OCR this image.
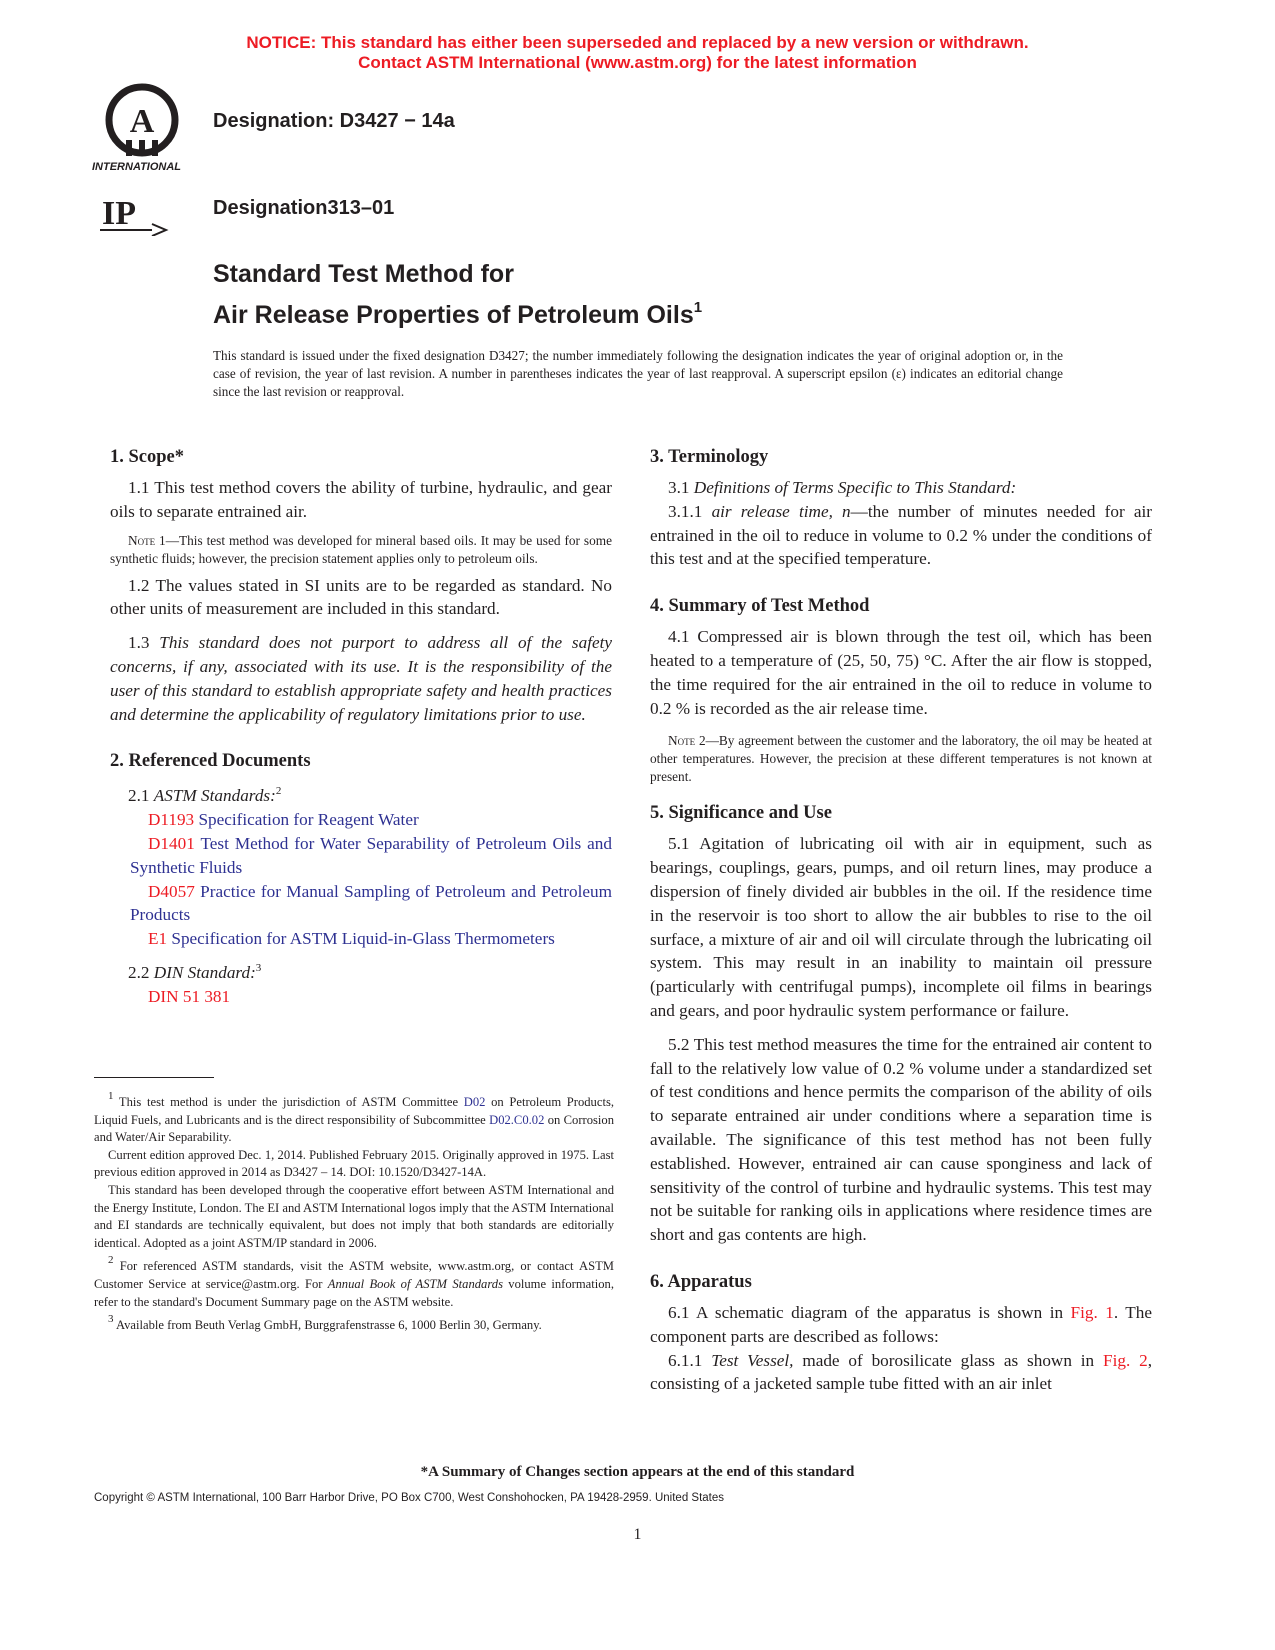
NOTICE: This standard has either been superseded and replaced by a new version or withdrawn.
Contact ASTM International (www.astm.org) for the latest information
A
INTERNATIONAL
IP
Designation: D3427 − 14a
Designation313–01
Standard Test Method for
Air Release Properties of Petroleum Oils$^1$
This standard is issued under the fixed designation D3427; the number immediately following the designation indicates the year of original adoption or, in the case of revision, the year of last revision. A number in parentheses indicates the year of last reapproval. A superscript epsilon (ε) indicates an editorial change since the last revision or reapproval.
1. Scope*

1.1 This test method covers the ability of turbine, hydraulic, and gear oils to separate entrained air.

Note 1—This test method was developed for mineral based oils. It may be used for some synthetic fluids; however, the precision statement applies only to petroleum oils.

1.2 The values stated in SI units are to be regarded as standard. No other units of measurement are included in this standard.

1.3 This standard does not purport to address all of the safety concerns, if any, associated with its use. It is the responsibility of the user of this standard to establish appropriate safety and health practices and determine the applicability of regulatory limitations prior to use.

2. Referenced Documents

2.1 ASTM Standards:$^2$

D1193 Specification for Reagent Water

D1401 Test Method for Water Separability of Petroleum Oils and Synthetic Fluids

D4057 Practice for Manual Sampling of Petroleum and Petroleum Products

E1 Specification for ASTM Liquid-in-Glass Thermometers

2.2 DIN Standard:$^3$

DIN 51 381

$^1$ This test method is under the jurisdiction of ASTM Committee D02 on Petroleum Products, Liquid Fuels, and Lubricants and is the direct responsibility of Subcommittee D02.C0.02 on Corrosion and Water/Air Separability.

Current edition approved Dec. 1, 2014. Published February 2015. Originally approved in 1975. Last previous edition approved in 2014 as D3427 – 14. DOI: 10.1520/D3427-14A.

This standard has been developed through the cooperative effort between ASTM International and the Energy Institute, London. The EI and ASTM International logos imply that the ASTM International and EI standards are technically equivalent, but does not imply that both standards are editorially identical. Adopted as a joint ASTM/IP standard in 2006.

$^2$ For referenced ASTM standards, visit the ASTM website, www.astm.org, or contact ASTM Customer Service at service@astm.org. For Annual Book of ASTM Standards volume information, refer to the standard's Document Summary page on the ASTM website.

$^3$ Available from Beuth Verlag GmbH, Burggrafenstrasse 6, 1000 Berlin 30, Germany.

3. Terminology

3.1 Definitions of Terms Specific to This Standard:

3.1.1 air release time, n—the number of minutes needed for air entrained in the oil to reduce in volume to 0.2 % under the conditions of this test and at the specified temperature.

4. Summary of Test Method

4.1 Compressed air is blown through the test oil, which has been heated to a temperature of (25, 50, 75) °C. After the air flow is stopped, the time required for the air entrained in the oil to reduce in volume to 0.2 % is recorded as the air release time.

Note 2—By agreement between the customer and the laboratory, the oil may be heated at other temperatures. However, the precision at these different temperatures is not known at present.

5. Significance and Use

5.1 Agitation of lubricating oil with air in equipment, such as bearings, couplings, gears, pumps, and oil return lines, may produce a dispersion of finely divided air bubbles in the oil. If the residence time in the reservoir is too short to allow the air bubbles to rise to the oil surface, a mixture of air and oil will circulate through the lubricating oil system. This may result in an inability to maintain oil pressure (particularly with centrifugal pumps), incomplete oil films in bearings and gears, and poor hydraulic system performance or failure.

5.2 This test method measures the time for the entrained air content to fall to the relatively low value of 0.2 % volume under a standardized set of test conditions and hence permits the comparison of the ability of oils to separate entrained air under conditions where a separation time is available. The significance of this test method has not been fully established. However, entrained air can cause sponginess and lack of sensitivity of the control of turbine and hydraulic systems. This test may not be suitable for ranking oils in applications where residence times are short and gas contents are high.

6. Apparatus

6.1 A schematic diagram of the apparatus is shown in Fig. 1. The component parts are described as follows:

6.1.1 Test Vessel, made of borosilicate glass as shown in Fig. 2, consisting of a jacketed sample tube fitted with an air inlet

*A Summary of Changes section appears at the end of this standard
Copyright © ASTM International, 100 Barr Harbor Drive, PO Box C700, West Conshohocken, PA 19428-2959. United States
1
